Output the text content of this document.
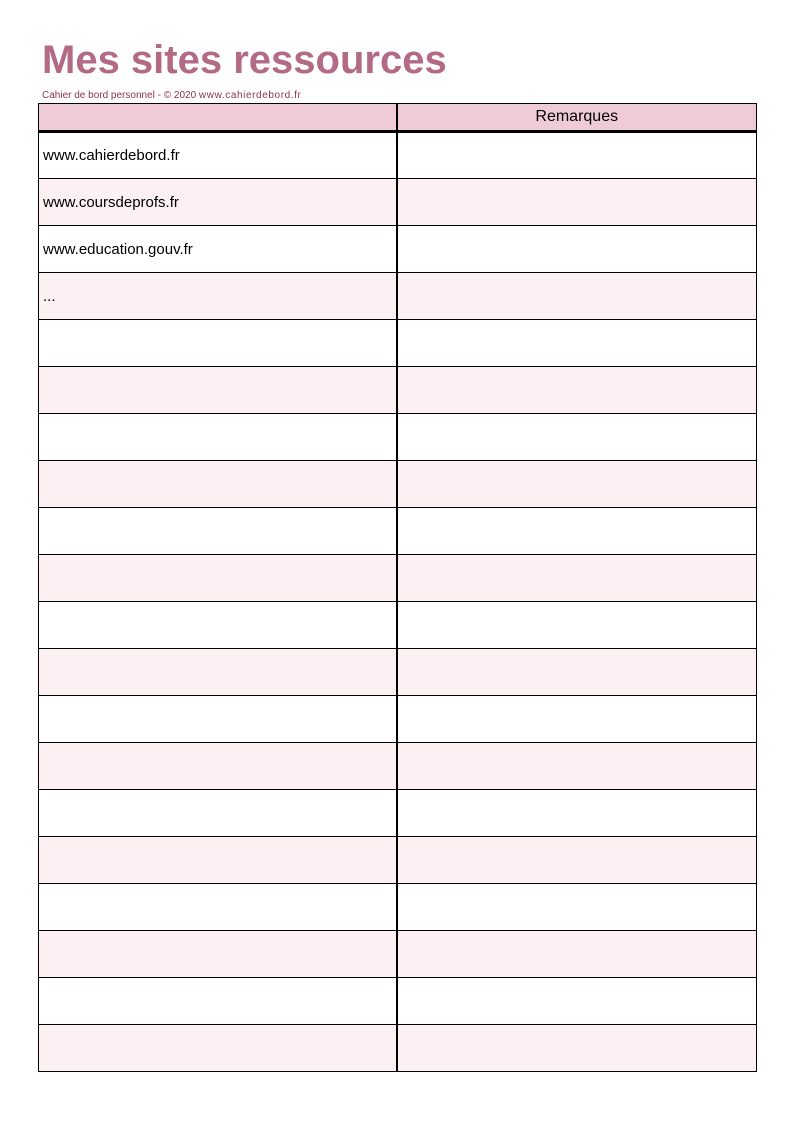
Mes sites ressources
Cahier de bord personnel - © 2020 www.cahierdebord.fr
	Remarques
www.cahierdebord.fr	
www.coursdeprofs.fr	
www.education.gouv.fr	
...	
